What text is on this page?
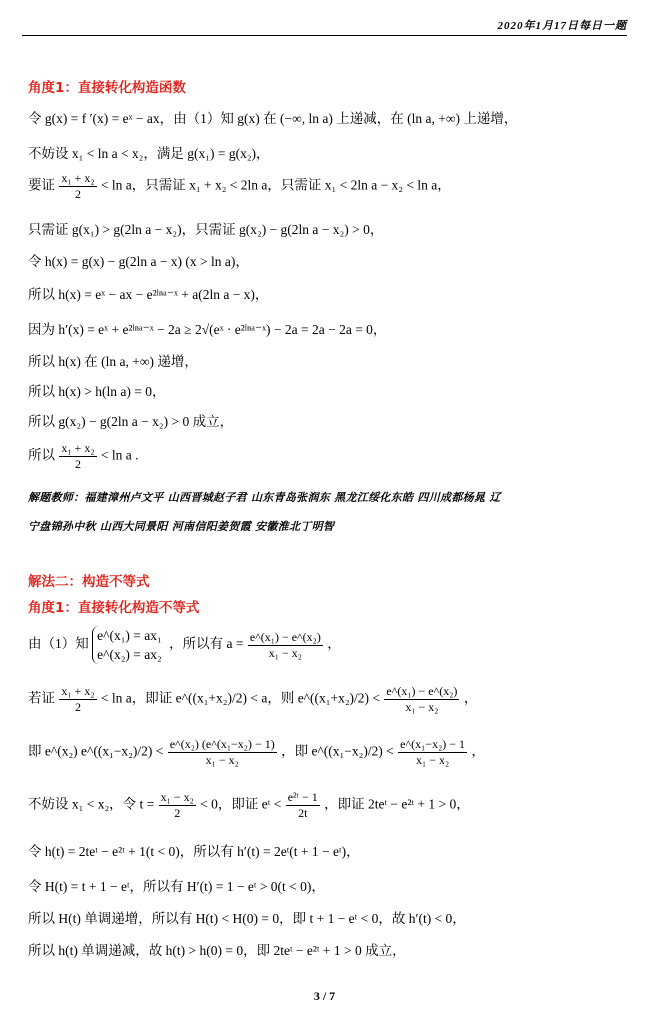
2020年1月17日每日一题
角度1：直接转化构造函数
令 g(x) = f ′(x) = eˣ − ax，由（1）知 g(x) 在 (−∞, ln a) 上递减，在 (ln a, +∞) 上递增，
不妨设 x₁ < ln a < x₂，满足 g(x₁) = g(x₂)，
要证 $\frac{\text{x₁ + x₂}}{2} < \ln a$，只需证 x₁ + x₂ < 2ln a，只需证 x₁ < 2ln a − x₂ < ln a，
只需证 g(x₁) > g(2ln a − x₂)，只需证 g(x₂) − g(2ln a − x₂) > 0，
令 h(x) = g(x) − g(2ln a − x) (x > ln a)，
所以 h(x) = eˣ − ax − e²ˡⁿᵃ⁻ˣ + a(2ln a − x)，
因为 h′(x) = eˣ + e²ˡⁿᵃ⁻ˣ − 2a ≥ 2√(eˣ · e²ˡⁿᵃ⁻ˣ) − 2a = 2a − 2a = 0，
所以 h(x) 在 (ln a, +∞) 递增，
所以 h(x) > h(ln a) = 0，
所以 g(x₂) − g(2ln a − x₂) > 0 成立，
所以 $\frac{\text{x₁ + x₂}}{2} < \ln a$ .
解题教师：福建漳州卢文平 山西晋城赵子君 山东青岛张润东 黑龙江绥化东皓 四川成都杨晁 辽
宁盘锦孙中秋 山西大同景阳 河南信阳姜贺霞 安徽淮北丁明智
解法二：构造不等式
角度1：直接转化构造不等式
由（1）知
e^(x₁) = ax₁
e^(x₂) = ax₂
，所以有 $a = \frac{\text{e\textasciicircum{}(x₁) − e\textasciicircum{}(x₂)}}{\text{x₁ − x₂}}$ ，
若证 $\frac{\text{x₁ + x₂}}{2} < \ln a$，即证 e^((x₁+x₂)/2) < a，则 e^((x₁+x₂)/2) < $\frac{\text{e\textasciicircum{}(x₁) − e\textasciicircum{}(x₂)}}{\text{x₁ − x₂}}$ ，
即 e^(x₂) e^((x₁−x₂)/2) < $\frac{\text{e\textasciicircum{}(x₂) (e\textasciicircum{}(x₁−x₂) − 1)}}{\text{x₁ − x₂}}$ ，即 e^((x₁−x₂)/2) < $\frac{\text{e\textasciicircum{}(x₁−x₂) − 1}}{\text{x₁ − x₂}}$ ，
不妨设 x₁ < x₂，令 $t = \frac{\text{x₁ − x₂}}{2} < 0$，即证 eᵗ < $\frac{\text{e²ᵗ − 1}}{2t}$ ，即证 2teᵗ − e²ᵗ + 1 > 0，
令 h(t) = 2teᵗ − e²ᵗ + 1(t < 0)，所以有 h′(t) = 2eᵗ(t + 1 − eᵗ)，
令 H(t) = t + 1 − eᵗ，所以有 H′(t) = 1 − eᵗ > 0(t < 0)，
所以 H(t) 单调递增，所以有 H(t) < H(0) = 0，即 t + 1 − eᵗ < 0，故 h′(t) < 0，
所以 h(t) 单调递减，故 h(t) > h(0) = 0，即 2teᵗ − e²ᵗ + 1 > 0 成立，
3 / 7
